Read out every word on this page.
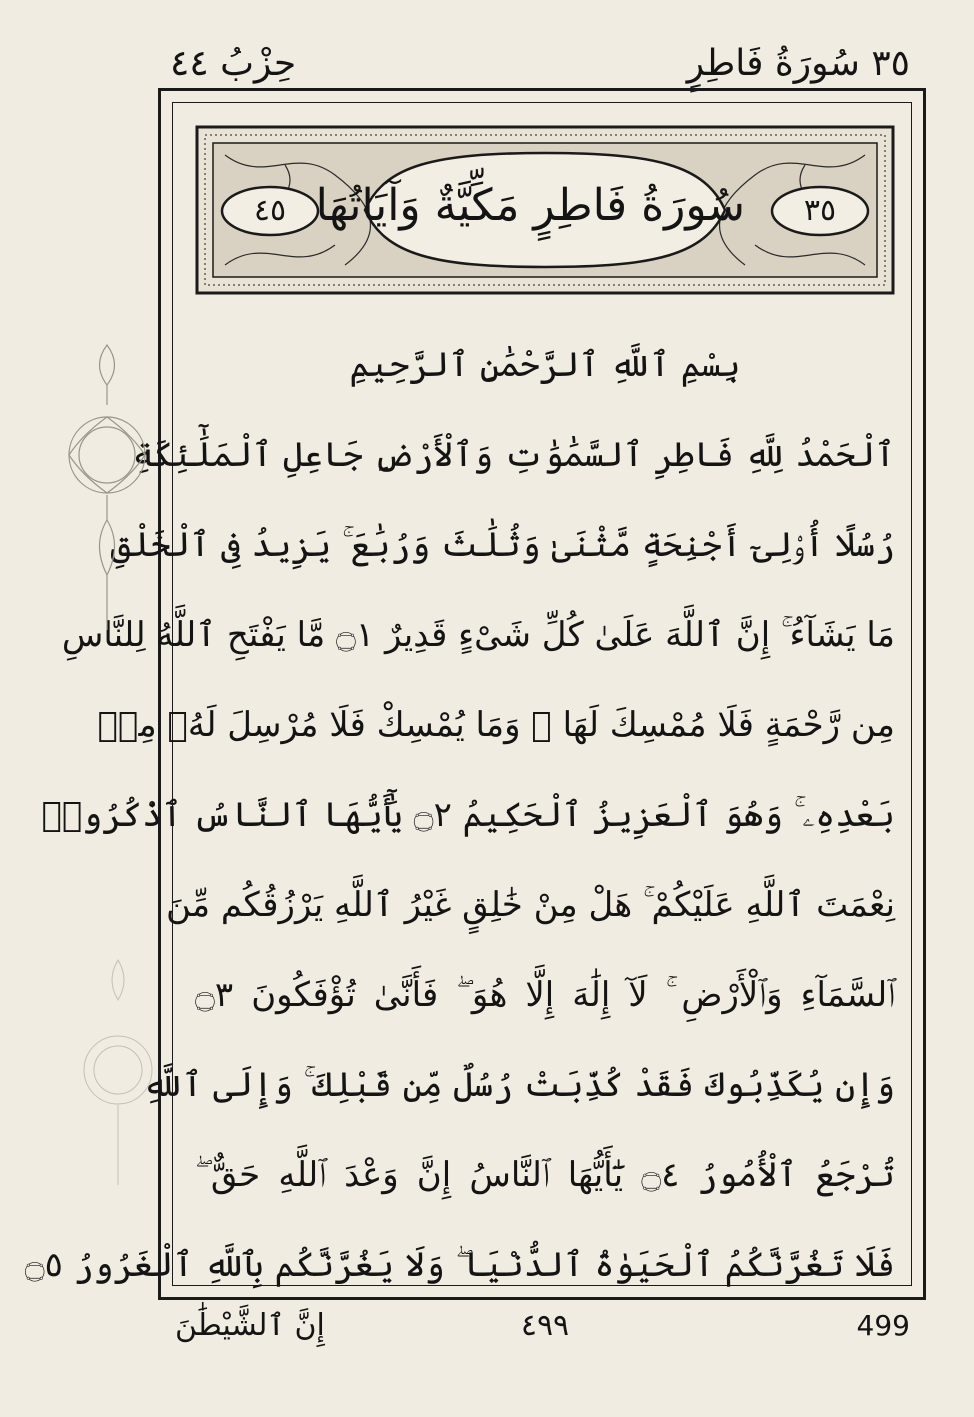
٣٥ سُورَةُ فَاطِرٍ
حِزْبُ ٤٤
سُورَةُ فَاطِرٍ مَكِّيَّةٌ وَآيَاتُهَا	٣٥
٤٥
بِسْمِ ٱللَّهِ ٱلرَّحْمَٰنِ ٱلرَّحِيمِ
ٱلْحَمْدُ لِلَّهِ فَاطِرِ ٱلسَّمَٰوَٰتِ وَٱلْأَرْضِ جَاعِلِ ٱلْمَلَٰٓئِكَةِ
رُسُلًا أُو۟لِىٓ أَجْنِحَةٍ مَّثْنَىٰ وَثُلَٰثَ وَرُبَٰعَ ۚ يَزِيدُ فِى ٱلْخَلْقِ
مَا يَشَآءُ ۚ إِنَّ ٱللَّهَ عَلَىٰ كُلِّ شَىْءٍ قَدِيرٌ ۝١ مَّا يَفْتَحِ ٱللَّهُ لِلنَّاسِ
مِن رَّحْمَةٍ فَلَا مُمْسِكَ لَهَا ۖ وَمَا يُمْسِكْ فَلَا مُرْسِلَ لَهُۥ مِنۢ
بَعْدِهِۦ ۚ وَهُوَ ٱلْعَزِيزُ ٱلْحَكِيمُ ۝٢ يَٰٓأَيُّهَا ٱلنَّاسُ ٱذْكُرُوا۟
نِعْمَتَ ٱللَّهِ عَلَيْكُمْ ۚ هَلْ مِنْ خَٰلِقٍ غَيْرُ ٱللَّهِ يَرْزُقُكُم مِّنَ
ٱلسَّمَآءِ وَٱلْأَرْضِ ۚ لَآ إِلَٰهَ إِلَّا هُوَ ۖ فَأَنَّىٰ تُؤْفَكُونَ ۝٣
وَإِن يُكَذِّبُوكَ فَقَدْ كُذِّبَتْ رُسُلٌ مِّن قَبْلِكَ ۚ وَإِلَى ٱللَّهِ
تُرْجَعُ ٱلْأُمُورُ ۝٤ يَٰٓأَيُّهَا ٱلنَّاسُ إِنَّ وَعْدَ ٱللَّهِ حَقٌّ ۖ
فَلَا تَغُرَّنَّكُمُ ٱلْحَيَوٰةُ ٱلدُّنْيَا ۖ وَلَا يَغُرَّنَّكُم بِٱللَّهِ ٱلْغَرُورُ ۝٥
499
٤٩٩
إِنَّ ٱلشَّيْطَٰنَ
